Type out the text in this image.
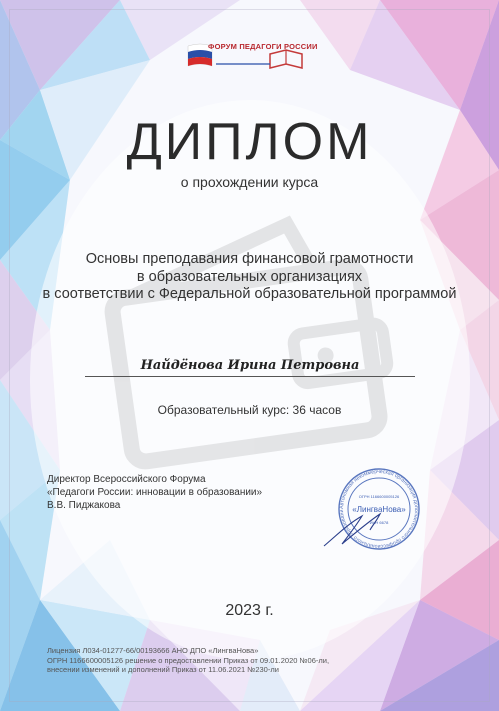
ФОРУМ ПЕДАГОГИ РОССИИ
ДИПЛОМ
о прохождении курса
Основы преподавания финансовой грамотности
в образовательных организациях
в соответствии с Федеральной образовательной программой
Найдёнова Ирина Петровна
Образовательный курс: 36 часов
Директор Всероссийского Форума
«Педагоги России: инновации в образовании»
В.В. Пиджакова	Автономная некоммерческая организация дополнительного профессионального образовани «ЛингваНова»
ИНН 6678
ОГРН 1166600005126
2023 г.
Лицензия Л034-01277-66/00193666 АНО ДПО «ЛингваНова»
ОГРН 1166600005126 решение о предоставлении Приказ от 09.01.2020 №06-ли,
внесении изменений и дополнений Приказ от 11.06.2021 №230-ли
